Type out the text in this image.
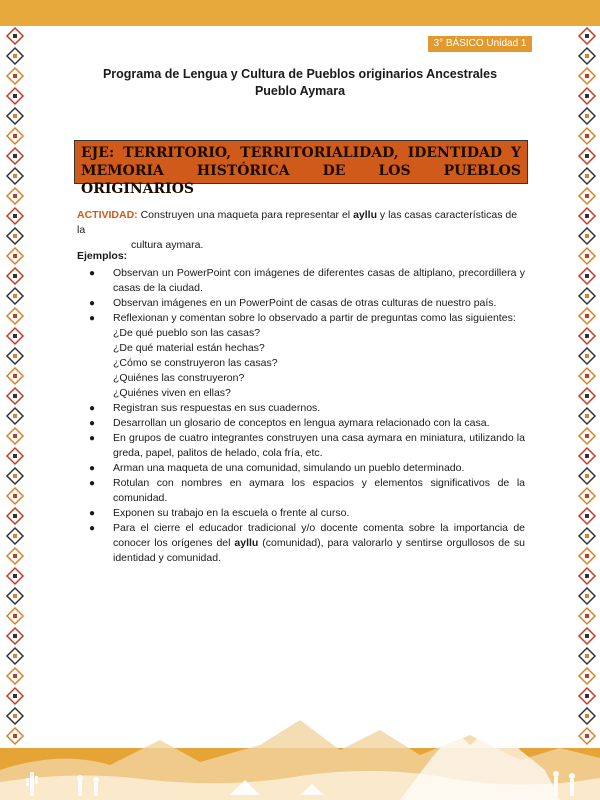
3° BÁSICO Unidad 1
Programa de Lengua y Cultura de Pueblos originarios Ancestrales
Pueblo Aymara
EJE: TERRITORIO, TERRITORIALIDAD, IDENTIDAD Y MEMORIA HISTÓRICA DE LOS PUEBLOS ORIGINARIOS
ACTIVIDAD: Construyen una maqueta para representar el ayllu y las casas características de la
cultura aymara.
Ejemplos:
● Observan un PowerPoint con imágenes de diferentes casas de altiplano, precordillera y casas de la ciudad.
● Observan imágenes en un PowerPoint de casas de otras culturas de nuestro país.
● Reflexionan y comentan sobre lo observado a partir de preguntas como las siguientes:
¿De qué pueblo son las casas?
¿De qué material están hechas?
¿Cómo se construyeron las casas?
¿Quiénes las construyeron?
¿Quiénes viven en ellas?
● Registran sus respuestas en sus cuadernos.
● Desarrollan un glosario de conceptos en lengua aymara relacionado con la casa.
● En grupos de cuatro integrantes construyen una casa aymara en miniatura, utilizando la greda, papel, palitos de helado, cola fría, etc.
● Arman una maqueta de una comunidad, simulando un pueblo determinado.
● Rotulan con nombres en aymara los espacios y elementos significativos de la comunidad.
● Exponen su trabajo en la escuela o frente al curso.
● Para el cierre el educador tradicional y/o docente comenta sobre la importancia de conocer los orígenes del ayllu (comunidad), para valorarlo y sentirse orgullosos de su identidad y comunidad.
